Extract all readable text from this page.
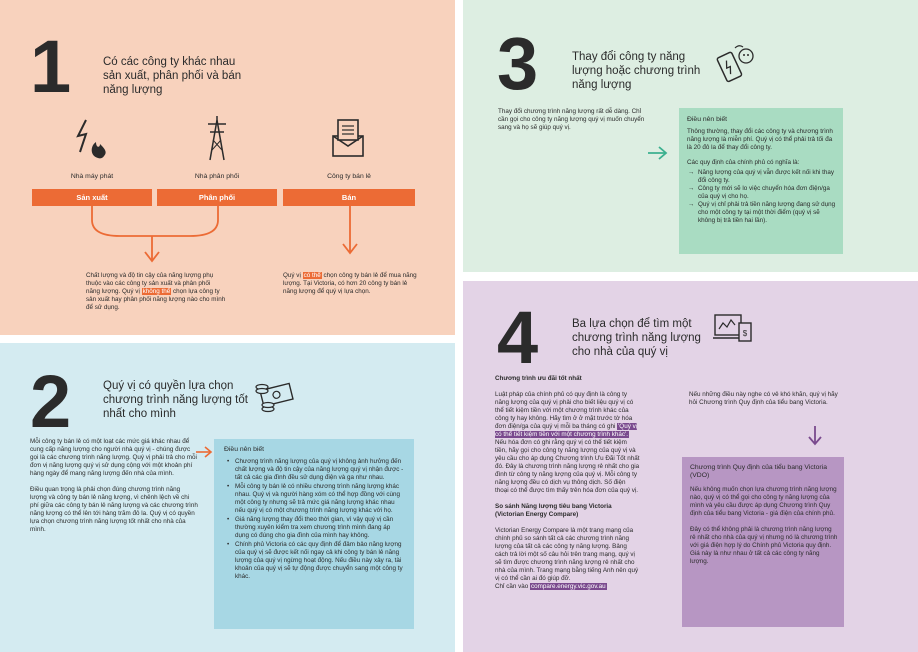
1	Có các công ty khác nhau sản xuất, phân phối và bán năng lượng
Nhà máy phát	Nhà phân phối	Công ty bán lẻ
Sản xuất	Phân phối	Bán
Chất lượng và độ tin cậy của năng lượng phụ thuộc vào các công ty sản xuất và phân phối năng lượng. Quý vị không thể chọn lựa công ty sản xuất hay phân phối năng lượng nào cho mình để sử dụng.
Quý vị có thể chọn công ty bán lẻ để mua năng lượng. Tại Victoria, có hơn 20 công ty bán lẻ năng lượng để quý vị lựa chọn.
2	Quý vị có quyền lựa chọn chương trình năng lượng tốt nhất cho mình

Mỗi công ty bán lẻ có một loạt các mức giá khác nhau để cung cấp năng lượng cho người nhà quý vị - chúng được gọi là các chương trình năng lượng. Quý vị phải trả cho mỗi đơn vị năng lượng quý vị sử dụng cộng với một khoản phí hàng ngày để mang năng lượng đến nhà của mình.

Điều quan trọng là phải chọn đúng chương trình năng lượng và công ty bán lẻ năng lượng, vì chênh lệch về chi phí giữa các công ty bán lẻ năng lượng và các chương trình năng lượng có thể lên tới hàng trăm đô la. Quý vị có quyền lựa chọn chương trình năng lượng tốt nhất cho nhà của mình.

Điều nên biết
• Chương trình năng lượng của quý vị không ảnh hưởng đến chất lượng và độ tin cậy của năng lượng quý vị nhận được - tất cả các gia đình đều sử dụng điện và ga như nhau.
• Mỗi công ty bán lẻ có nhiều chương trình năng lượng khác nhau. Quý vị và người hàng xóm có thể hợp đồng với cùng một công ty nhưng sẽ trả mức giá năng lượng khác nhau nếu quý vị có một chương trình năng lượng khác với họ.
• Giá năng lượng thay đổi theo thời gian, vì vậy quý vị cần thường xuyên kiểm tra xem chương trình mình đang áp dụng có đúng cho gia đình của mình hay không.
• Chính phủ Victoria có các quy định để đảm bảo năng lượng của quý vị sẽ được kết nối ngay cả khi công ty bán lẻ năng lượng của quý vị ngừng hoạt động. Nếu điều này xảy ra, tài khoản của quý vị sẽ tự động được chuyển sang một công ty khác.
3	Thay đổi công ty năng lượng hoặc chương trình năng lượng
Thay đổi chương trình năng lượng rất dễ dàng. Chỉ cần gọi cho công ty năng lượng quý vị muốn chuyển sang và họ sẽ giúp quý vị.
Điều nên biết

Thông thường, thay đổi các công ty và chương trình năng lượng là miễn phí. Quý vị có thể phải trả tối đa là 20 đô la để thay đổi công ty.

Các quy định của chính phủ có nghĩa là:

→ Năng lượng của quý vị vẫn được kết nối khi thay đổi công ty.
→ Công ty mới sẽ lo việc chuyển hóa đơn điện/ga của quý vị cho họ.
→ Quý vị chỉ phải trả tiền năng lượng đang sử dụng cho một công ty tại một thời điểm (quý vị sẽ không bị trả tiền hai lần).
4	Ba lựa chọn để tìm một chương trình năng lượng cho nhà của quý vị
$

Chương trình ưu đãi tốt nhất

Luật pháp của chính phủ có quy định là công ty năng lượng của quý vị phải cho biết liệu quý vị có thể tiết kiệm tiền với một chương trình khác của công ty hay không. Hãy tìm ở ở mặt trước tờ hóa đơn điện/ga của quý vị mỗi ba tháng có ghi 'Quý vị có thể tiết kiệm tiền với một chương trình khác'. Nếu hóa đơn có ghi rằng quý vị có thể tiết kiệm tiền, hãy gọi cho công ty năng lượng của quý vị và yêu cầu cho áp dụng Chương trình Ưu Đãi Tốt nhất đó. Đây là chương trình năng lượng rẻ nhất cho gia đình từ công ty năng lượng của quý vị. Mỗi công ty năng lượng đều có dịch vụ thông dịch. Số điện thoại có thể được tìm thấy trên hóa đơn của quý vị.

So sánh Năng lượng tiêu bang Victoria (Victorian Energy Compare)

Victorian Energy Compare là một trang mạng của chính phủ so sánh tất cả các chương trình năng lượng của tất cả các công ty năng lượng. Bảng cách trả lời một số câu hỏi trên trang mạng, quý vị sẽ tìm được chương trình năng lượng rẻ nhất cho nhà của mình. Trang mạng bằng tiếng Anh nên quý vị có thể cần ai đó giúp đỡ.

Chỉ cần vào compare.energy.vic.gov.au

Nếu những điều này nghe có vẻ khó khăn, quý vị hãy hỏi Chương trình Quy định của tiểu bang Victoria.
Chương trình Quy định của tiểu bang Victoria (VDO)

Nếu không muốn chọn lựa chương trình năng lượng nào, quý vị có thể gọi cho công ty năng lượng của mình và yêu cầu được áp dụng Chương trình Quy định của tiểu bang Victoria - giá điện của chính phủ.

Đây có thể không phải là chương trình năng lượng rẻ nhất cho nhà của quý vị nhưng nó là chương trình với giá điện hợp lý do Chính phủ Victoria quy định. Giá này là như nhau ở tất cả các công ty năng lượng.
